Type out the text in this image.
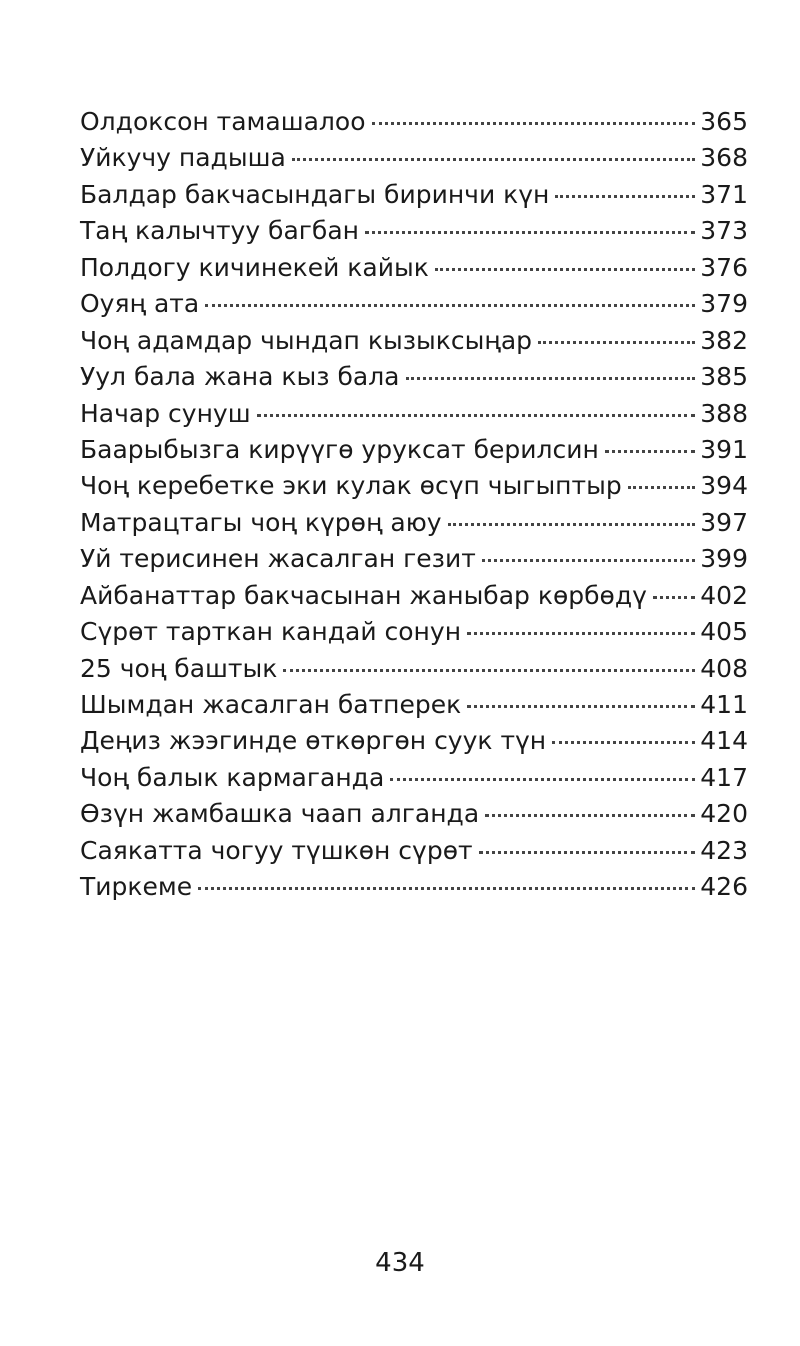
Олдоксон тамашалоо	365
Уйкучу падыша	368
Балдар бакчасындагы биринчи күн	371
Таң калычтуу багбан	373
Полдогу кичинекей кайык	376
Оуяң ата	379
Чоң адамдар чындап кызыксыңар	382
Уул бала жана кыз бала	385
Начар сунуш	388
Баарыбызга кирүүгө уруксат берилсин	391
Чоң керебетке эки кулак өсүп чыгыптыр	394
Матрацтагы чоң күрөң аюу	397
Уй терисинен жасалган гезит	399
Айбанаттар бакчасынан жаныбар көрбөдү 402
Сүрөт тарткан кандай сонун	405
25 чоң баштык	408
Шымдан жасалган батперек	411
Деңиз жээгинде өткөргөн суук түн	414
Чоң балык кармаганда	417
Өзүн жамбашка чаап алганда	420
Саякатта чогуу түшкөн сүрөт	423
Тиркеме	426
434
